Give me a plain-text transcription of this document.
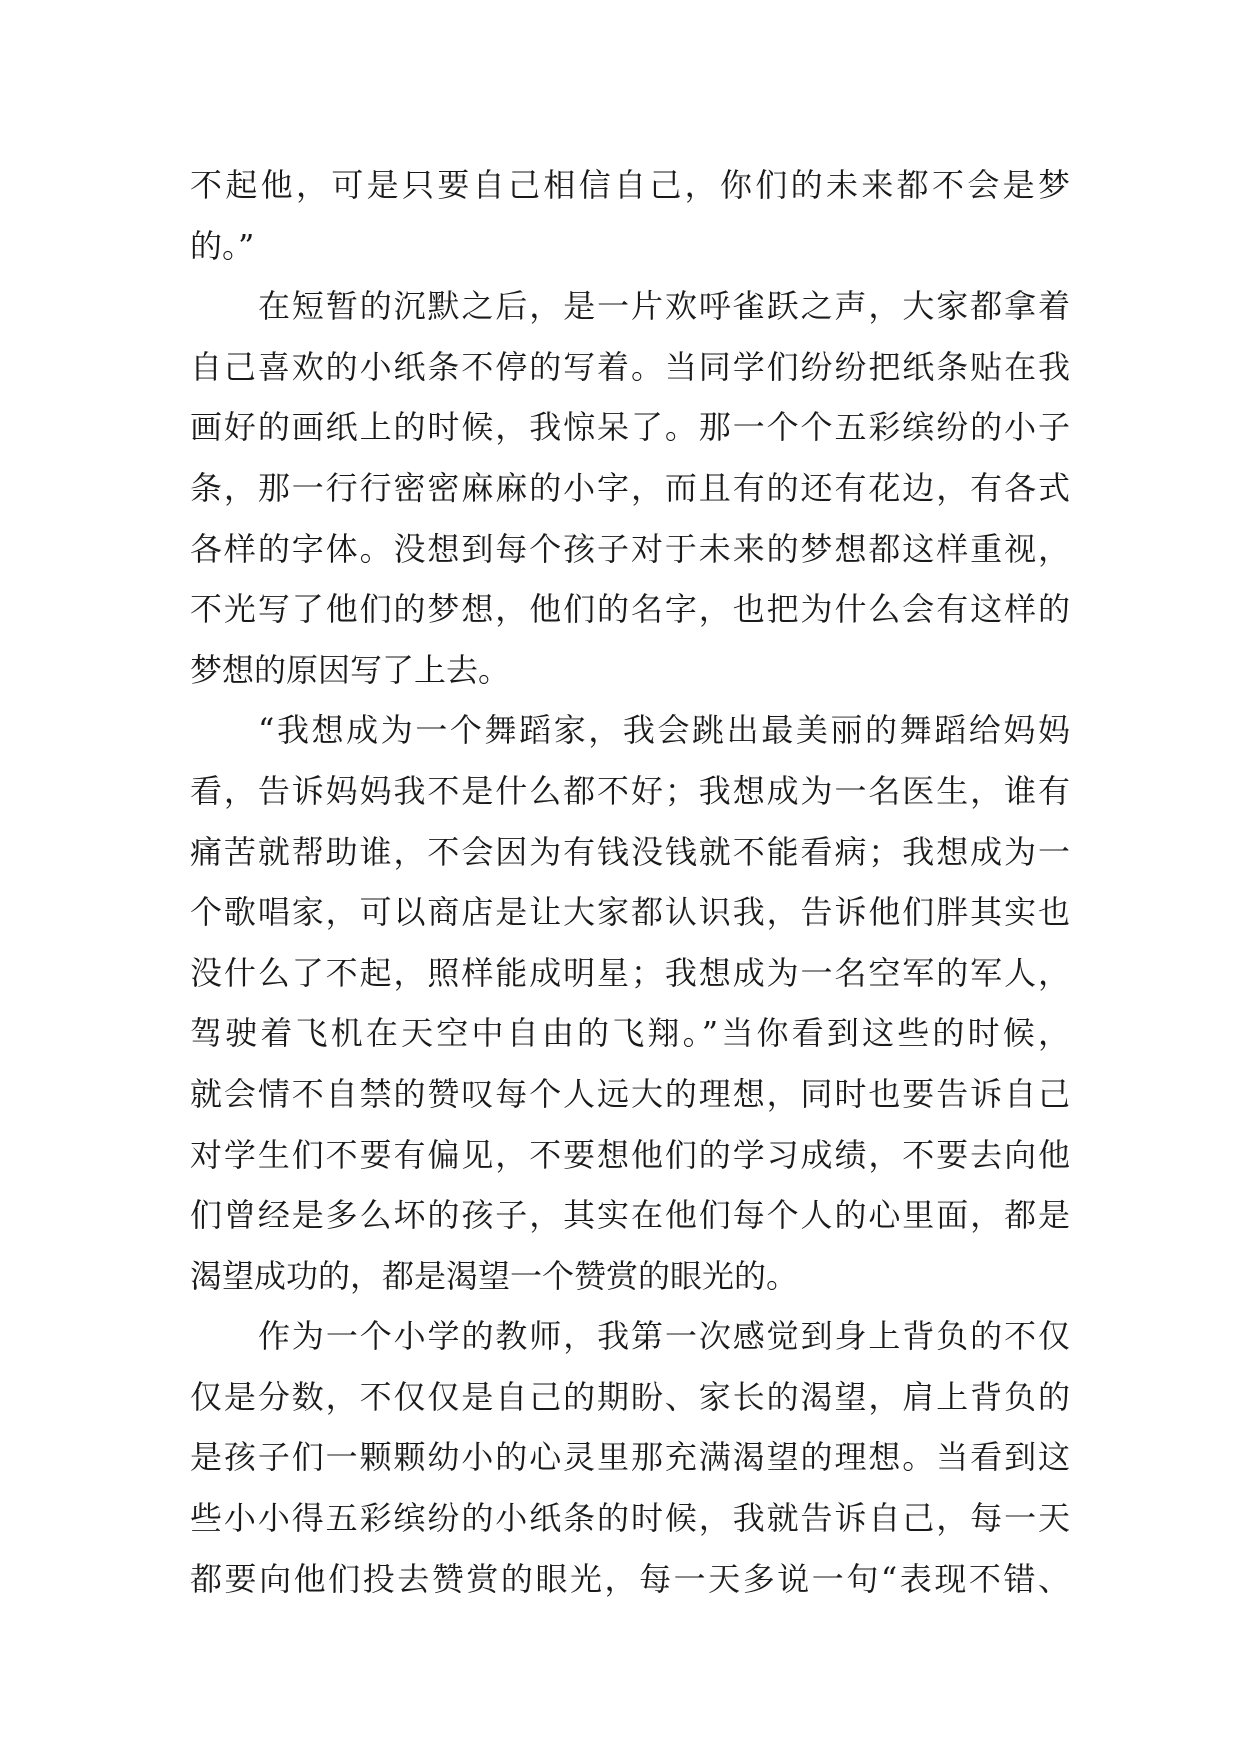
不起他，可是只要自己相信自己，你们的未来都不会是梦
的。”
在短暂的沉默之后，是一片欢呼雀跃之声，大家都拿着
自己喜欢的小纸条不停的写着。当同学们纷纷把纸条贴在我
画好的画纸上的时候，我惊呆了。那一个个五彩缤纷的小子
条，那一行行密密麻麻的小字，而且有的还有花边，有各式
各样的字体。没想到每个孩子对于未来的梦想都这样重视，
不光写了他们的梦想，他们的名字，也把为什么会有这样的
梦想的原因写了上去。
“我想成为一个舞蹈家，我会跳出最美丽的舞蹈给妈妈
看，告诉妈妈我不是什么都不好；我想成为一名医生，谁有
痛苦就帮助谁，不会因为有钱没钱就不能看病；我想成为一
个歌唱家，可以商店是让大家都认识我，告诉他们胖其实也
没什么了不起，照样能成明星；我想成为一名空军的军人，
驾驶着飞机在天空中自由的飞翔。”当你看到这些的时候，
就会情不自禁的赞叹每个人远大的理想，同时也要告诉自己
对学生们不要有偏见，不要想他们的学习成绩，不要去向他
们曾经是多么坏的孩子，其实在他们每个人的心里面，都是
渴望成功的，都是渴望一个赞赏的眼光的。
作为一个小学的教师，我第一次感觉到身上背负的不仅
仅是分数，不仅仅是自己的期盼、家长的渴望，肩上背负的
是孩子们一颗颗幼小的心灵里那充满渴望的理想。当看到这
些小小得五彩缤纷的小纸条的时候，我就告诉自己，每一天
都要向他们投去赞赏的眼光，每一天多说一句“表现不错、
